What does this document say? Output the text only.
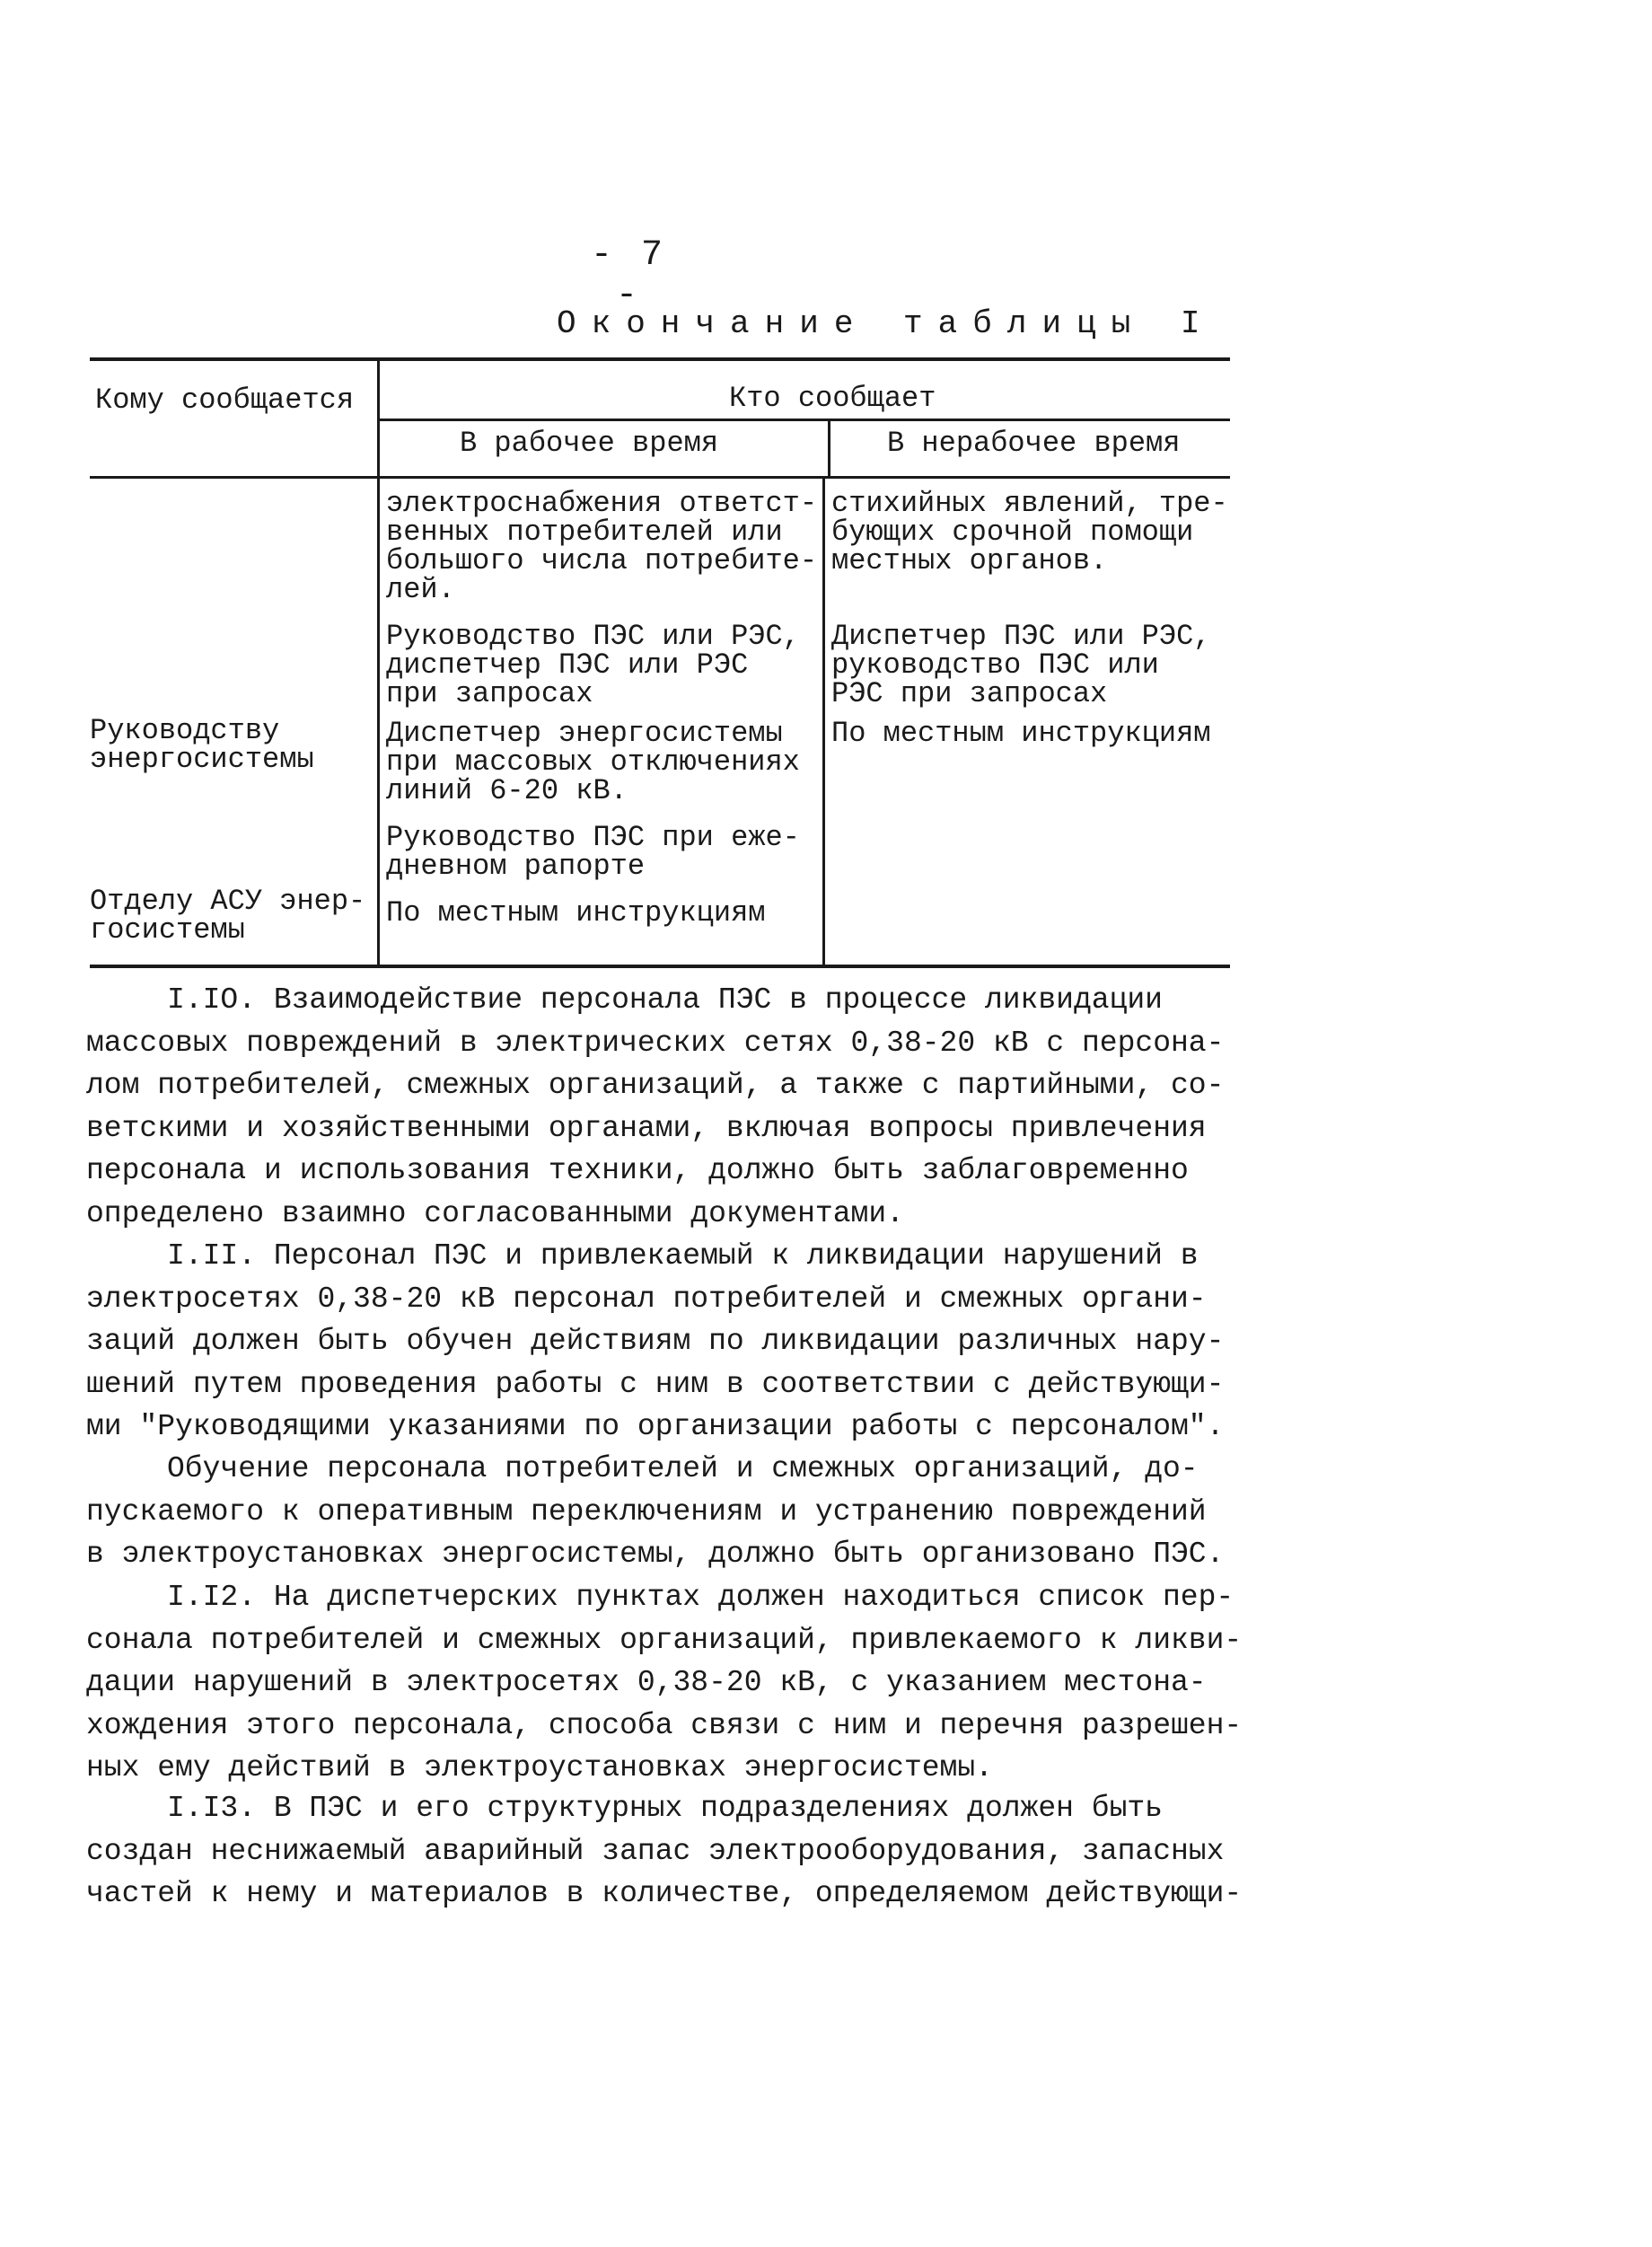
- 7 -
Окончание таблицы I
Кому сообщается	Кто сообщает
В рабочее время	В нерабочее время
Руководству
энергосистемы
Отделу АСУ энер-
госистемы
электроснабжения ответст-
венных потребителей или
большого числа потребите-
лей.
Руководство ПЭС или РЭС,
диспетчер ПЭС или РЭС
при запросах
Диспетчер энергосистемы
при массовых отключениях
линий 6-20 кВ.
Руководство ПЭС при еже-
дневном рапорте
По местным инструкциям
стихийных явлений, тре-
бующих срочной помощи
местных органов.
Диспетчер ПЭС или РЭС,
руководство ПЭС или
РЭС при запросах
По местным инструкциям
I.IO. Взаимодействие персонала ПЭС в процессе ликвидации
массовых повреждений в электрических сетях 0,38-20 кВ с персона-
лом потребителей, смежных организаций, а также с партийными, со-
ветскими и хозяйственными органами, включая вопросы привлечения
персонала и использования техники, должно быть заблаговременно
определено взаимно согласованными документами.
I.II. Персонал ПЭС и привлекаемый к ликвидации нарушений в
электросетях 0,38-20 кВ персонал потребителей и смежных органи-
заций должен быть обучен действиям по ликвидации различных нару-
шений путем проведения работы с ним в соответствии с действующи-
ми "Руководящими указаниями по организации работы с персоналом".
Обучение персонала потребителей и смежных организаций, до-
пускаемого к оперативным переключениям и устранению повреждений
в электроустановках энергосистемы, должно быть организовано ПЭС.
I.I2. На диспетчерских пунктах должен находиться список пер-
сонала потребителей и смежных организаций, привлекаемого к ликви-
дации нарушений в электросетях 0,38-20 кВ, с указанием местона-
хождения этого персонала, способа связи с ним и перечня разрешен-
ных ему действий в электроустановках энергосистемы.
I.I3. В ПЭС и его структурных подразделениях должен быть
создан неснижаемый аварийный запас электрооборудования, запасных
частей к нему и материалов в количестве, определяемом действующи-
